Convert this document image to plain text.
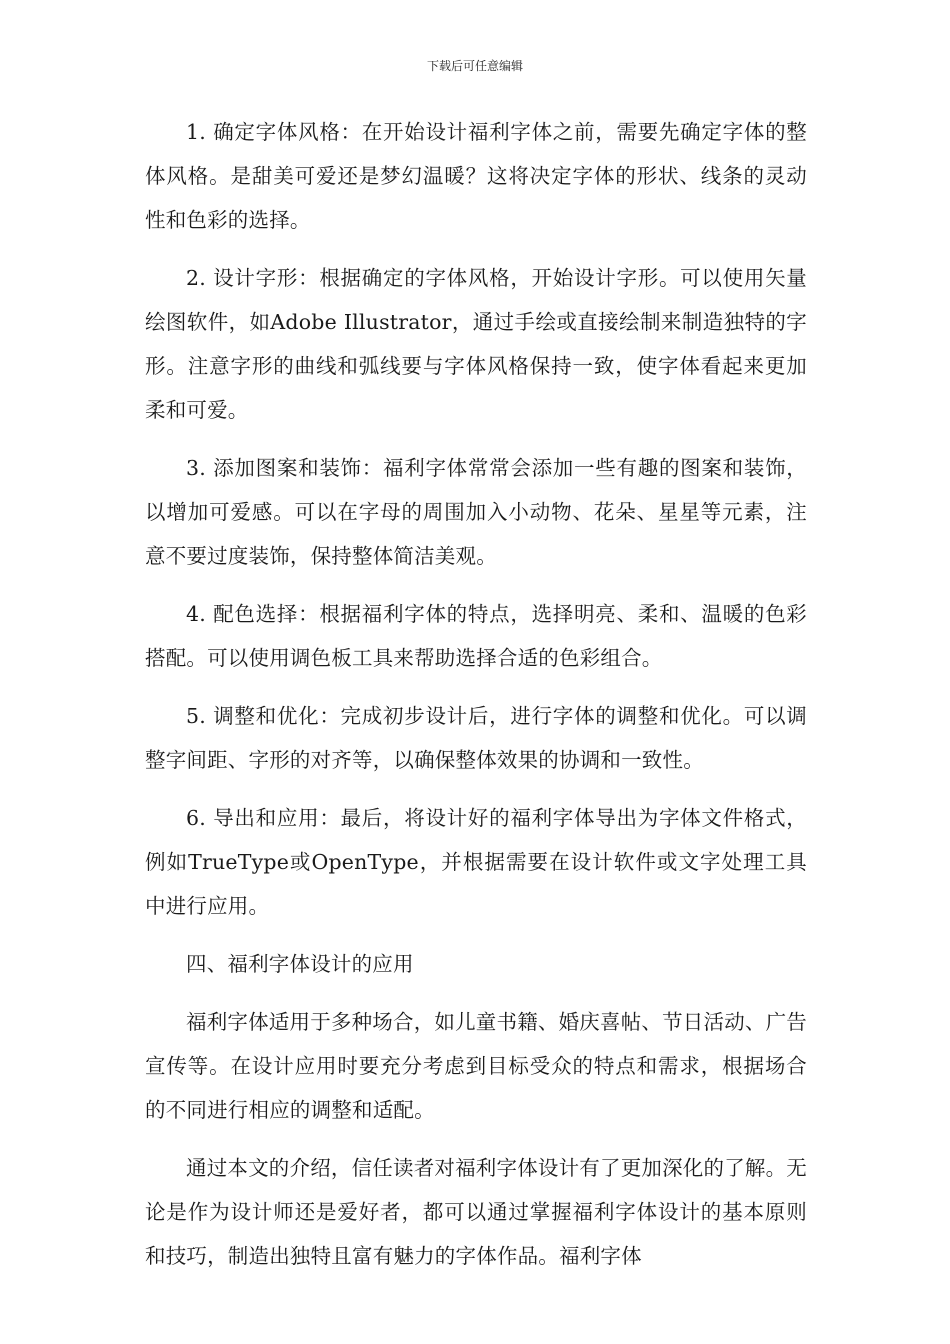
下载后可任意编辑

1. 确定字体风格：在开始设计福利字体之前，需要先确定字体的整体风格。是甜美可爱还是梦幻温暖？这将决定字体的形状、线条的灵动性和色彩的选择。

2. 设计字形：根据确定的字体风格，开始设计字形。可以使用矢量绘图软件，如Adobe Illustrator，通过手绘或直接绘制来制造独特的字形。注意字形的曲线和弧线要与字体风格保持一致，使字体看起来更加柔和可爱。

3. 添加图案和装饰：福利字体常常会添加一些有趣的图案和装饰，以增加可爱感。可以在字母的周围加入小动物、花朵、星星等元素，注意不要过度装饰，保持整体简洁美观。

4. 配色选择：根据福利字体的特点，选择明亮、柔和、温暖的色彩搭配。可以使用调色板工具来帮助选择合适的色彩组合。

5. 调整和优化：完成初步设计后，进行字体的调整和优化。可以调整字间距、字形的对齐等，以确保整体效果的协调和一致性。

6. 导出和应用：最后，将设计好的福利字体导出为字体文件格式，例如TrueType或OpenType，并根据需要在设计软件或文字处理工具中进行应用。

四、福利字体设计的应用

福利字体适用于多种场合，如儿童书籍、婚庆喜帖、节日活动、广告宣传等。在设计应用时要充分考虑到目标受众的特点和需求，根据场合的不同进行相应的调整和适配。

通过本文的介绍，信任读者对福利字体设计有了更加深化的了解。无论是作为设计师还是爱好者，都可以通过掌握福利字体设计的基本原则和技巧，制造出独特且富有魅力的字体作品。福利字体
